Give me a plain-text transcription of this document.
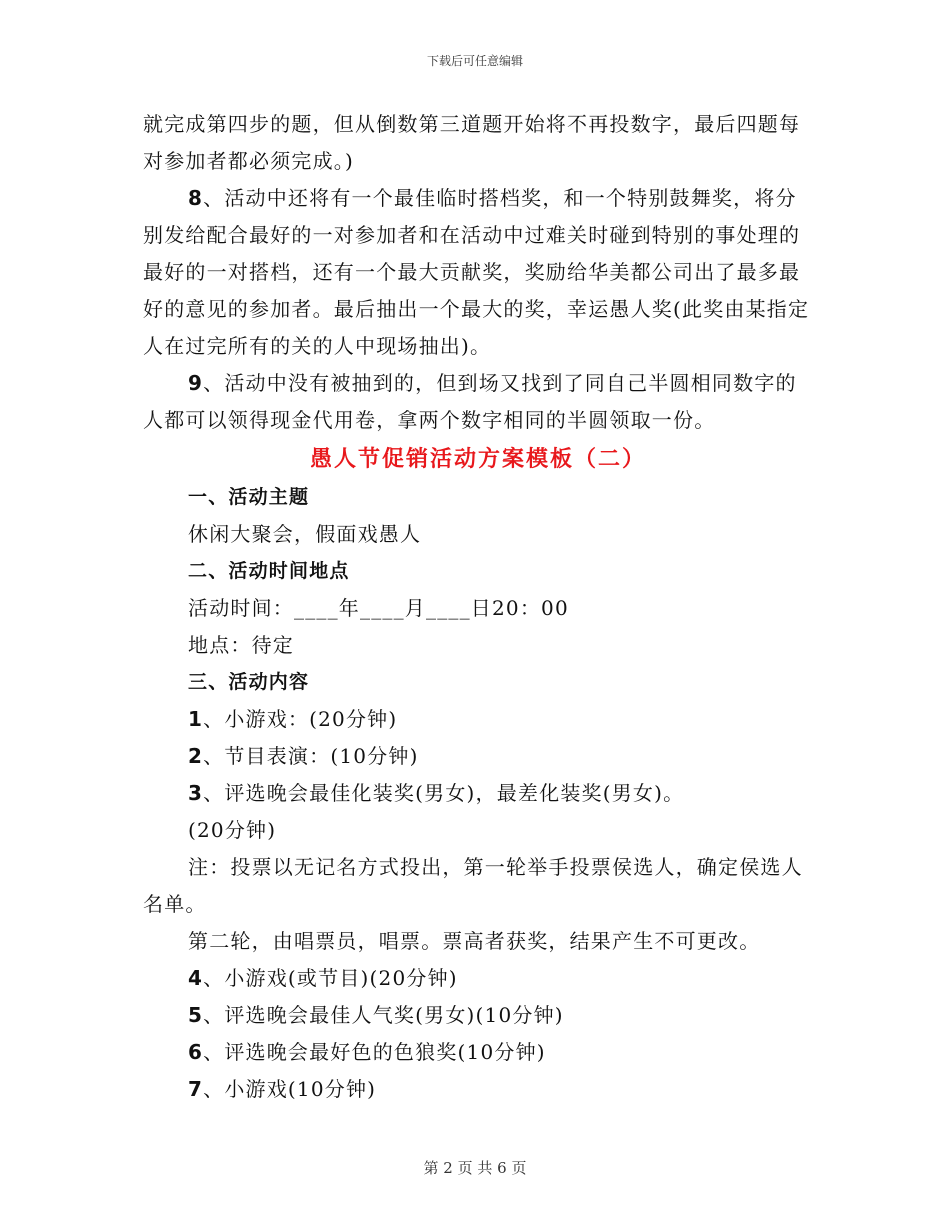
下载后可任意编辑

就完成第四步的题，但从倒数第三道题开始将不再投数字，最后四题每对参加者都必须完成。)

8、活动中还将有一个最佳临时搭档奖，和一个特别鼓舞奖，将分别发给配合最好的一对参加者和在活动中过难关时碰到特别的事处理的最好的一对搭档，还有一个最大贡献奖，奖励给华美都公司出了最多最好的意见的参加者。最后抽出一个最大的奖，幸运愚人奖(此奖由某指定人在过完所有的关的人中现场抽出)。

9、活动中没有被抽到的，但到场又找到了同自己半圆相同数字的人都可以领得现金代用卷，拿两个数字相同的半圆领取一份。

愚人节促销活动方案模板（二）

一、活动主题

休闲大聚会，假面戏愚人

二、活动时间地点

活动时间：____年____月____日20：00

地点：待定

三、活动内容

1、小游戏：(20分钟)

2、节目表演：(10分钟)

3、评选晚会最佳化装奖(男女)，最差化装奖(男女)。

(20分钟)

注：投票以无记名方式投出，第一轮举手投票侯选人，确定侯选人名单。

第二轮，由唱票员，唱票。票高者获奖，结果产生不可更改。

4、小游戏(或节目)(20分钟)

5、评选晚会最佳人气奖(男女)(10分钟)

6、评选晚会最好色的色狼奖(10分钟)

7、小游戏(10分钟)

第 2 页 共 6 页
